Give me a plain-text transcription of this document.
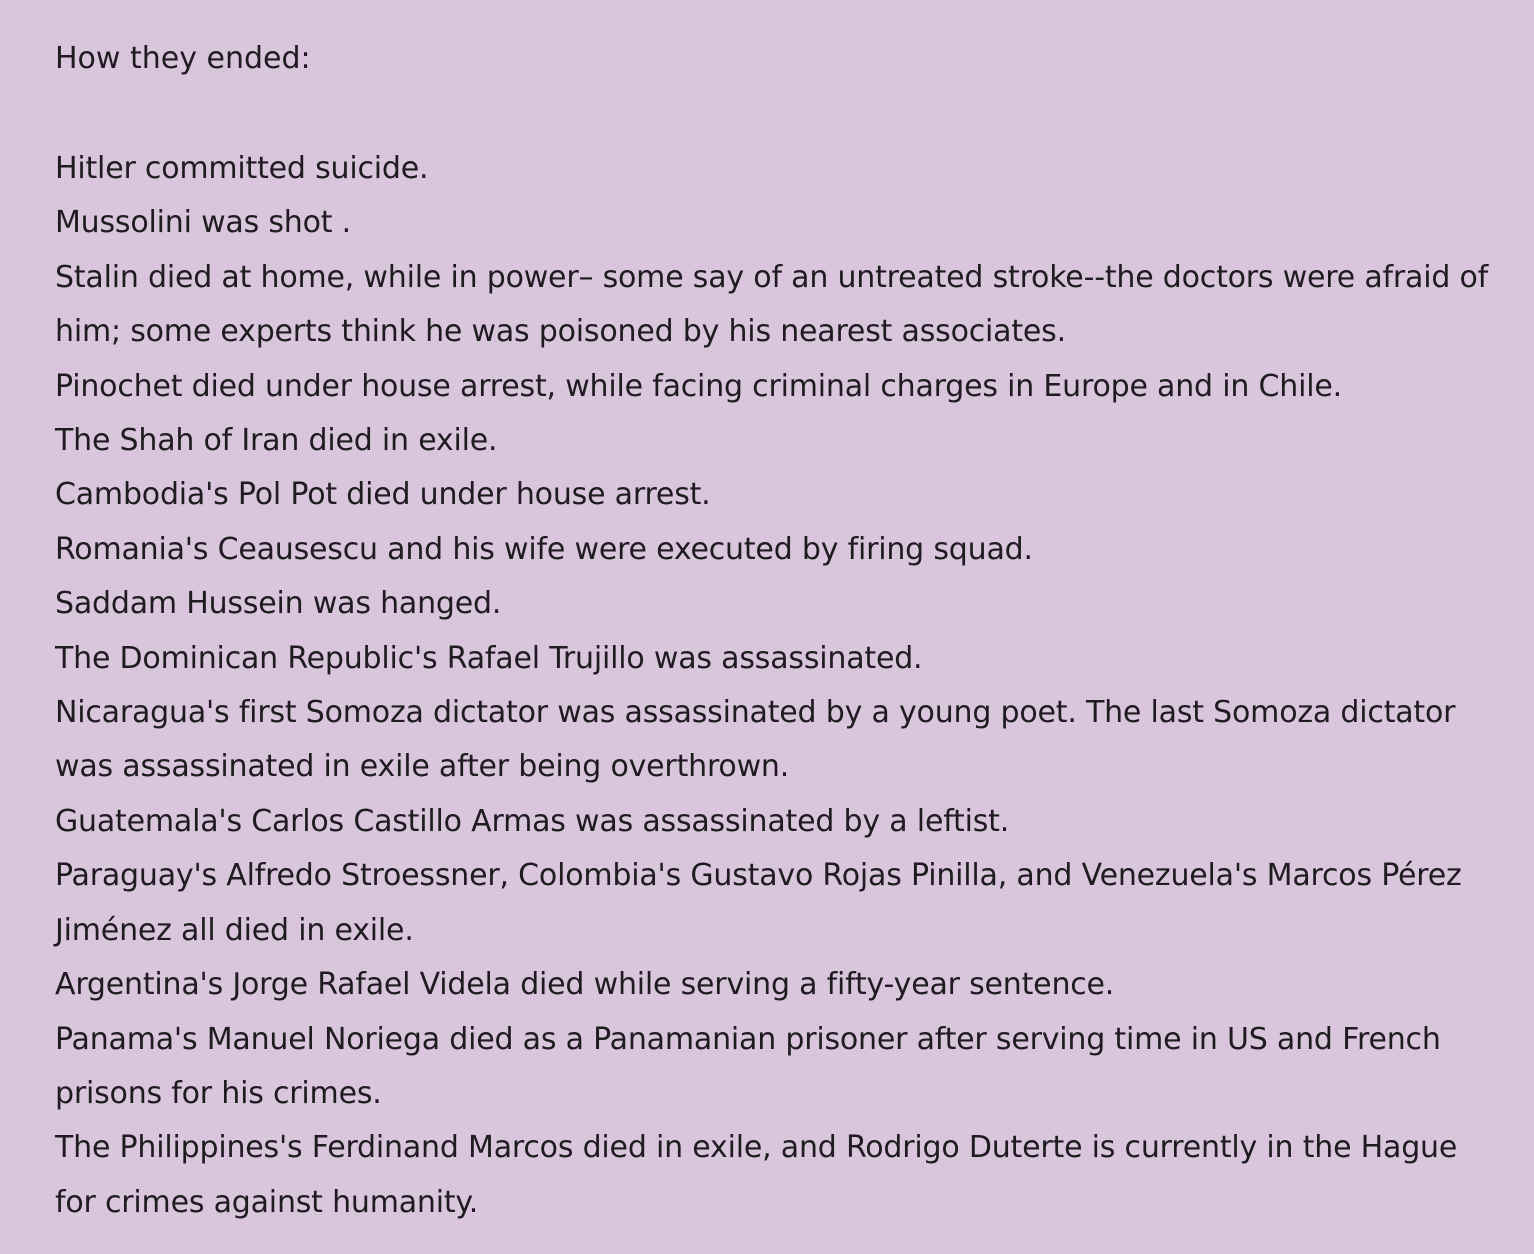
How they ended:

Hitler committed suicide.

Mussolini was shot .

Stalin died at home, while in power– some say of an untreated stroke--the doctors were afraid of him; some experts think he was poisoned by his nearest associates.

Pinochet died under house arrest, while facing criminal charges in Europe and in Chile.

The Shah of Iran died in exile.

Cambodia's Pol Pot died under house arrest.

Romania's Ceausescu and his wife were executed by firing squad.

Saddam Hussein was hanged.

The Dominican Republic's Rafael Trujillo was assassinated.

Nicaragua's first Somoza dictator was assassinated by a young poet. The last Somoza dictator was assassinated in exile after being overthrown.

Guatemala's Carlos Castillo Armas was assassinated by a leftist.

Paraguay's Alfredo Stroessner, Colombia's Gustavo Rojas Pinilla, and Venezuela's Marcos Pérez Jiménez all died in exile.

Argentina's Jorge Rafael Videla died while serving a fifty-year sentence.

Panama's Manuel Noriega died as a Panamanian prisoner after serving time in US and French prisons for his crimes.

The Philippines's Ferdinand Marcos died in exile, and Rodrigo Duterte is currently in the Hague for crimes against humanity.
